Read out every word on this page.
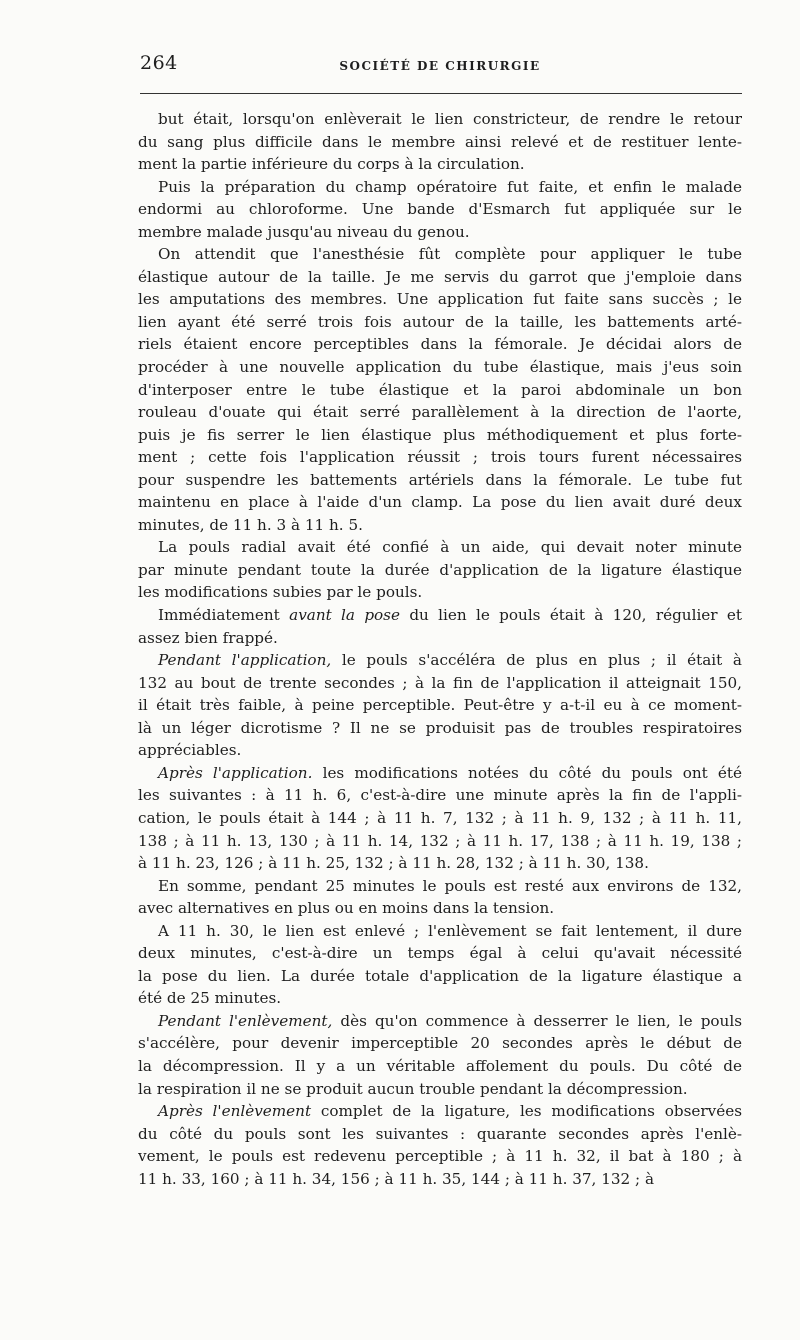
264	SOCIÉTÉ DE CHIRURGIE
but était, lorsqu'on enlèverait le lien constricteur, de rendre le retour
du sang plus difficile dans le membre ainsi relevé et de restituer lente-
ment la partie inférieure du corps à la circulation.
Puis la préparation du champ opératoire fut faite, et enfin le malade
endormi au chloroforme. Une bande d'Esmarch fut appliquée sur le
membre malade jusqu'au niveau du genou.
On attendit que l'anesthésie fût complète pour appliquer le tube
élastique autour de la taille. Je me servis du garrot que j'emploie dans
les amputations des membres. Une application fut faite sans succès ; le
lien ayant été serré trois fois autour de la taille, les battements arté-
riels étaient encore perceptibles dans la fémorale. Je décidai alors de
procéder à une nouvelle application du tube élastique, mais j'eus soin
d'interposer entre le tube élastique et la paroi abdominale un bon
rouleau d'ouate qui était serré parallèlement à la direction de l'aorte,
puis je fis serrer le lien élastique plus méthodiquement et plus forte-
ment ; cette fois l'application réussit ; trois tours furent nécessaires
pour suspendre les battements artériels dans la fémorale. Le tube fut
maintenu en place à l'aide d'un clamp. La pose du lien avait duré deux
minutes, de 11 h. 3 à 11 h. 5.
La pouls radial avait été confié à un aide, qui devait noter minute
par minute pendant toute la durée d'application de la ligature élastique
les modifications subies par le pouls.
Immédiatement avant la pose du lien le pouls était à 120, régulier et
assez bien frappé.
Pendant l'application, le pouls s'accéléra de plus en plus ; il était à
132 au bout de trente secondes ; à la fin de l'application il atteignait 150,
il était très faible, à peine perceptible. Peut-être y a-t-il eu à ce moment-
là un léger dicrotisme ? Il ne se produisit pas de troubles respiratoires
appréciables.
Après l'application. les modifications notées du côté du pouls ont été
les suivantes : à 11 h. 6, c'est-à-dire une minute après la fin de l'appli-
cation, le pouls était à 144 ; à 11 h. 7, 132 ; à 11 h. 9, 132 ; à 11 h. 11,
138 ; à 11 h. 13, 130 ; à 11 h. 14, 132 ; à 11 h. 17, 138 ; à 11 h. 19, 138 ;
à 11 h. 23, 126 ; à 11 h. 25, 132 ; à 11 h. 28, 132 ; à 11 h. 30, 138.
En somme, pendant 25 minutes le pouls est resté aux environs de 132,
avec alternatives en plus ou en moins dans la tension.
A 11 h. 30, le lien est enlevé ; l'enlèvement se fait lentement, il dure
deux minutes, c'est-à-dire un temps égal à celui qu'avait nécessité
la pose du lien. La durée totale d'application de la ligature élastique a
été de 25 minutes.
Pendant l'enlèvement, dès qu'on commence à desserrer le lien, le pouls
s'accélère, pour devenir imperceptible 20 secondes après le début de
la décompression. Il y a un véritable affolement du pouls. Du côté de
la respiration il ne se produit aucun trouble pendant la décompression.
Après l'enlèvement complet de la ligature, les modifications observées
du côté du pouls sont les suivantes : quarante secondes après l'enlè-
vement, le pouls est redevenu perceptible ; à 11 h. 32, il bat à 180 ; à
11 h. 33, 160 ; à 11 h. 34, 156 ; à 11 h. 35, 144 ; à 11 h. 37, 132 ; à
